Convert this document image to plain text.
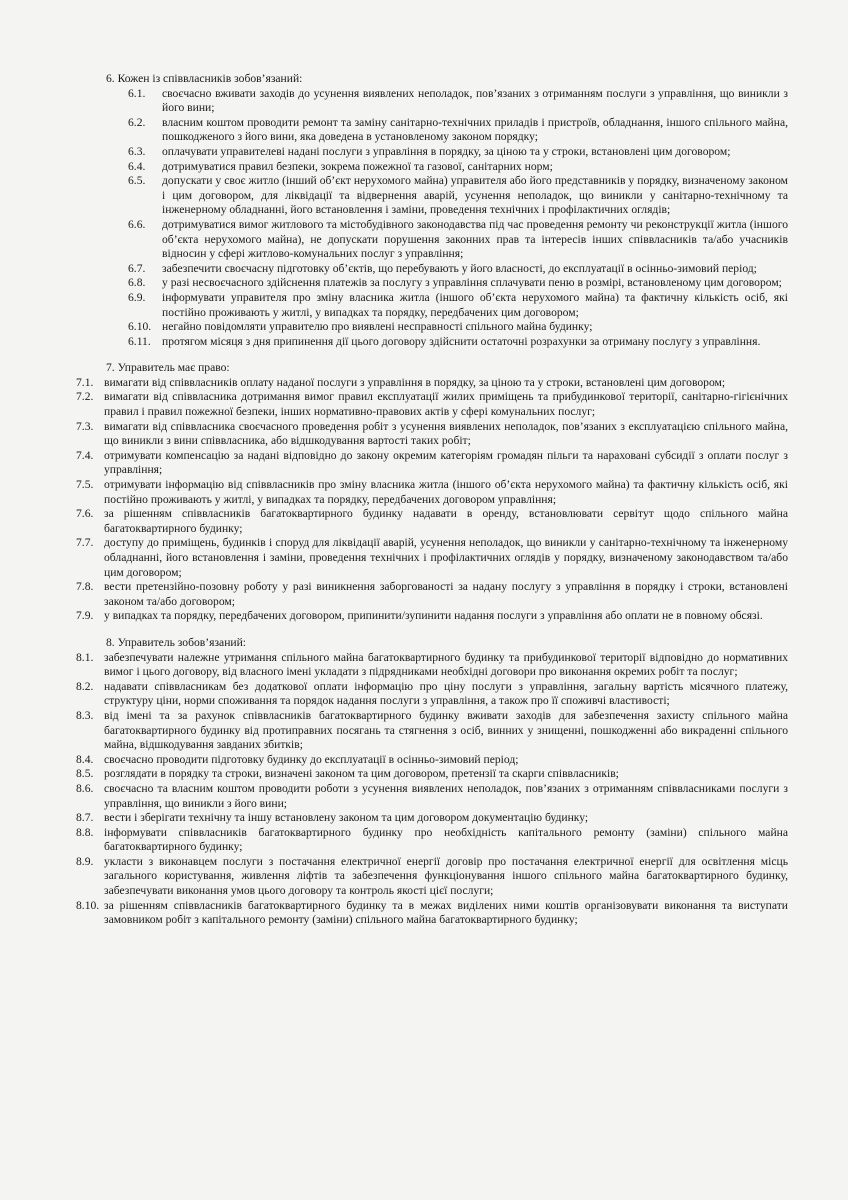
6. Кожен із співвласників зобов’язаний:

6.1.	своєчасно вживати заходів до усунення виявлених неполадок, пов’язаних з отриманням послуги з управління, що виникли з його вини;
6.2.	власним коштом проводити ремонт та заміну санітарно-технічних приладів і пристроїв, обладнання, іншого спільного майна, пошкодженого з його вини, яка доведена в установленому законом порядку;
6.3.	оплачувати управителеві надані послуги з управління в порядку, за ціною та у строки, встановлені цим договором;
6.4.	дотримуватися правил безпеки, зокрема пожежної та газової, санітарних норм;
6.5.	допускати у своє житло (інший об’єкт нерухомого майна) управителя або його представників у порядку, визначеному законом і цим договором, для ліквідації та відвернення аварій, усунення неполадок, що виникли у санітарно-технічному та інженерному обладнанні, його встановлення і заміни, проведення технічних і профілактичних оглядів;
6.6.	дотримуватися вимог житлового та містобудівного законодавства під час проведення ремонту чи реконструкції житла (іншого об’єкта нерухомого майна), не допускати порушення законних прав та інтересів інших співвласників та/або учасників відносин у сфері житлово-комунальних послуг з управління;
6.7.	забезпечити своєчасну підготовку об’єктів, що перебувають у його власності, до експлуатації в осінньо-зимовий період;
6.8.	у разі несвоєчасного здійснення платежів за послугу з управління сплачувати пеню в розмірі, встановленому цим договором;
6.9.	інформувати управителя про зміну власника житла (іншого об’єкта нерухомого майна) та фактичну кількість осіб, які постійно проживають у житлі, у випадках та порядку, передбачених цим договором;
6.10. негайно повідомляти управителю про виявлені несправності спільного майна будинку;
6.11. протягом місяця з дня припинення дії цього договору здійснити остаточні розрахунки за отриману послугу з управління.

7. Управитель має право:

7.1. вимагати від співвласників оплату наданої послуги з управління в порядку, за ціною та у строки, встановлені цим договором;
7.2. вимагати від співвласника дотримання вимог правил експлуатації жилих приміщень та прибудинкової території, санітарно-гігієнічних правил і правил пожежної безпеки, інших нормативно-правових актів у сфері комунальних послуг;
7.3. вимагати від співвласника своєчасного проведення робіт з усунення виявлених неполадок, пов’язаних з експлуатацією спільного майна, що виникли з вини співвласника, або відшкодування вартості таких робіт;
7.4. отримувати компенсацію за надані відповідно до закону окремим категоріям громадян пільги та нараховані субсидії з оплати послуг з управління;
7.5. отримувати інформацію від співвласників про зміну власника житла (іншого об’єкта нерухомого майна) та фактичну кількість осіб, які постійно проживають у житлі, у випадках та порядку, передбачених договором управління;
7.6. за рішенням співвласників багатоквартирного будинку надавати в оренду, встановлювати сервітут щодо спільного майна багатоквартирного будинку;
7.7. доступу до приміщень, будинків і споруд для ліквідації аварій, усунення неполадок, що виникли у санітарно-технічному та інженерному обладнанні, його встановлення і заміни, проведення технічних і профілактичних оглядів у порядку, визначеному законодавством та/або цим договором;
7.8. вести претензійно-позовну роботу у разі виникнення заборгованості за надану послугу з управління в порядку і строки, встановлені законом та/або договором;
7.9. у випадках та порядку, передбачених договором, припинити/зупинити надання послуги з управління або оплати не в повному обсязі.

8. Управитель зобов’язаний:

8.1. забезпечувати належне утримання спільного майна багатоквартирного будинку та прибудинкової території відповідно до нормативних вимог і цього договору, від власного імені укладати з підрядниками необхідні договори про виконання окремих робіт та послуг;
8.2. надавати співвласникам без додаткової оплати інформацію про ціну послуги з управління, загальну вартість місячного платежу, структуру ціни, норми споживання та порядок надання послуги з управління, а також про її споживчі властивості;
8.3. від імені та за рахунок співвласників багатоквартирного будинку вживати заходів для забезпечення захисту спільного майна багатоквартирного будинку від протиправних посягань та стягнення з осіб, винних у знищенні, пошкодженні або викраденні спільного майна, відшкодування завданих збитків;
8.4. своєчасно проводити підготовку будинку до експлуатації в осінньо-зимовий період;
8.5. розглядати в порядку та строки, визначені законом та цим договором, претензії та скарги співвласників;
8.6. своєчасно та власним коштом проводити роботи з усунення виявлених неполадок, пов’язаних з отриманням співвласниками послуги з управління, що виникли з його вини;
8.7. вести і зберігати технічну та іншу встановлену законом та цим договором документацію будинку;
8.8. інформувати співвласників багатоквартирного будинку про необхідність капітального ремонту (заміни) спільного майна багатоквартирного будинку;
8.9. укласти з виконавцем послуги з постачання електричної енергії договір про постачання електричної енергії для освітлення місць загального користування, живлення ліфтів та забезпечення функціонування іншого спільного майна багатоквартирного будинку, забезпечувати виконання умов цього договору та контроль якості цієї послуги;
8.10. за рішенням співвласників багатоквартирного будинку та в межах виділених ними коштів організовувати виконання та виступати замовником робіт з капітального ремонту (заміни) спільного майна багатоквартирного будинку;
